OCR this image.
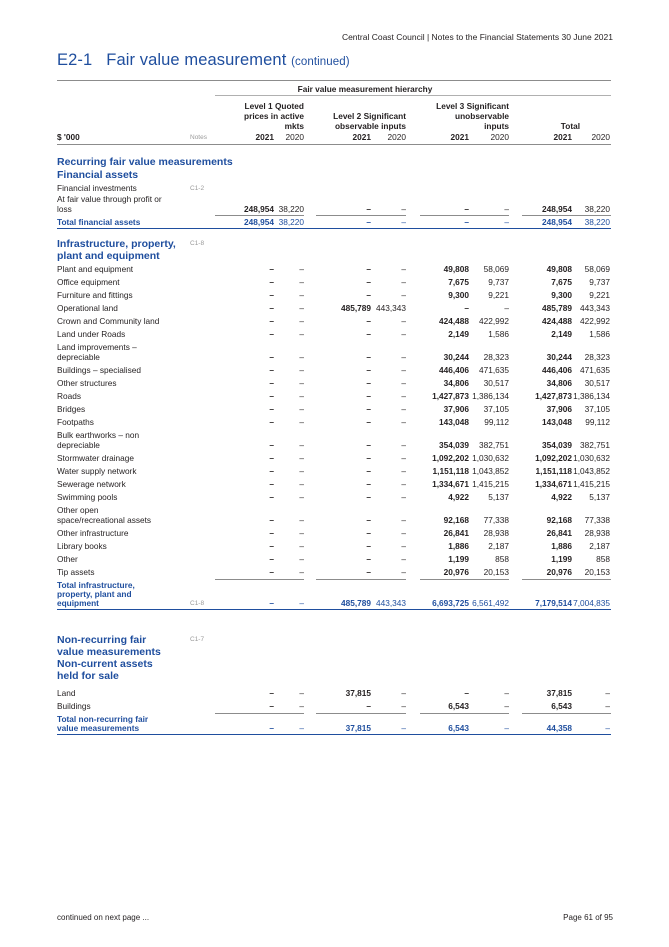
Central Coast Council | Notes to the Financial Statements 30 June 2021
E2-1 Fair value measurement (continued)
Fair value measurement hierarchy
Level 1 Quoted
prices in active
mkts
Level 2 Significant
observable inputs
Level 3 Significant
unobservable
inputs	Total
$ '000	Notes	2021 2020	2021 2020	2021	2020	2021 2020
Recurring fair value measurements
Financial assets
Financial investments	C1-2
At fair value through profit or
loss	248,954 38,220	–	–	–	–	248,954 38,220
Total financial assets	248,954 38,220	–	–	–	–	248,954 38,220
Infrastructure, property,
plant and equipment
C1-8
Plant and equipment	–	–	–	–	49,808 58,069	49,808 58,069
Office equipment	–	–	–	–	7,675 9,737	7,675 9,737
Furniture and fittings	–	–	–	–	9,300 9,221	9,300 9,221
Operational land	–	–	485,789 443,343	–	–	485,789 443,343
Crown and Community land	–	–	–	–	424,488 422,992	424,488 422,992
Land under Roads	–	–	–	–	2,149 1,586	2,149 1,586
Land improvements –
depreciable	–	–	–	–	30,244 28,323	30,244 28,323
Buildings – specialised	–	–	–	–	446,406 471,635	446,406 471,635
Other structures	–	–	–	–	34,806 30,517	34,806 30,517
Roads	–	–	–	–	1,427,873 1,386,134	1,427,873 1,386,134
Bridges	–	–	–	–	37,906 37,105	37,906 37,105
Footpaths	–	–	–	–	143,048 99,112	143,048 99,112
Bulk earthworks – non
depreciable	–	–	–	–	354,039 382,751	354,039 382,751
Stormwater drainage	–	–	–	–	1,092,202 1,030,632	1,092,202 1,030,632
Water supply network	–	–	–	–	1,151,118 1,043,852	1,151,118 1,043,852
Sewerage network	–	–	–	–	1,334,671 1,415,215	1,334,671 1,415,215
Swimming pools	–	–	–	–	4,922 5,137	4,922 5,137
Other open
space/recreational assets	–	–	–	–	92,168 77,338	92,168 77,338
Other infrastructure	–	–	–	–	26,841 28,938	26,841 28,938
Library books	–	–	–	–	1,886 2,187	1,886 2,187
Other	–	–	–	–	1,199	858	1,199	858
Tip assets	–	–	–	–	20,976 20,153	20,976 20,153
Total infrastructure,
property, plant and
equipment	C1-8	–	–	485,789 443,343	6,693,725 6,561,492	7,179,514 7,004,835
Non-recurring fair
value measurements
Non-current assets
held for sale
C1-7
Land	–	–	37,815	–	–	–	37,815	–
Buildings	–	–	–	–	6,543	–	6,543	–
Total non-recurring fair
value measurements	–	–	37,815	–	6,543	–	44,358	–
continued on next page ...	Page 61 of 95
